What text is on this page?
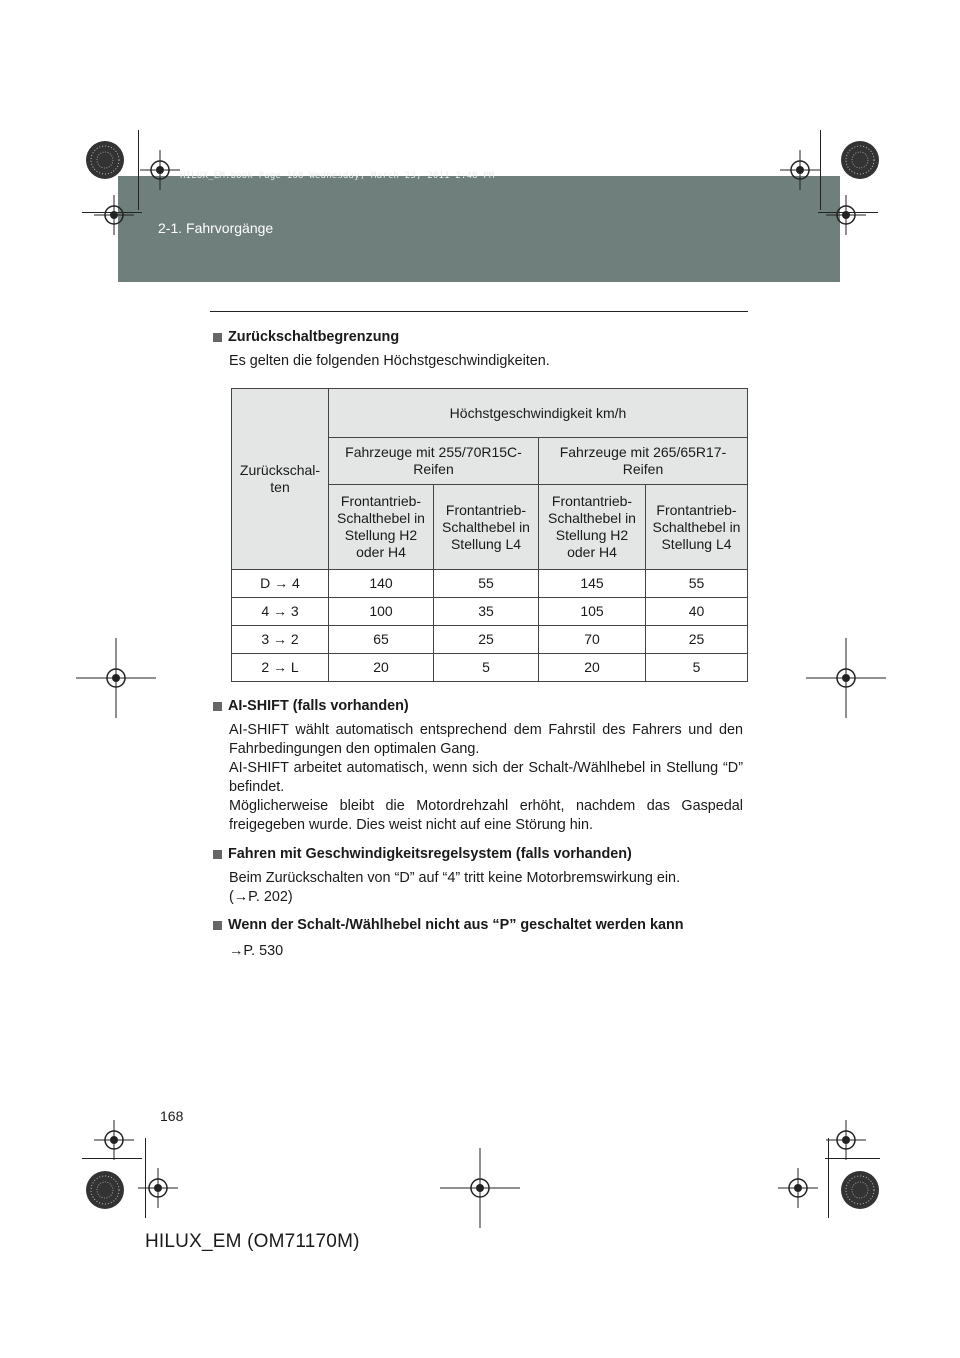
2-1. Fahrvorgänge
HILUX_EM.book Page 168 Wednesday, March 23, 2011 2:48 PM
Zurückschaltbegrenzung
Es gelten die folgenden Höchstgeschwindigkeiten.
Zurückschal-ten	Höchstgeschwindigkeit km/h			
	Fahrzeuge mit 255/70R15C-Reifen		Fahrzeuge mit 265/65R17-Reifen	
	Frontantrieb-Schalthebel in Stellung H2 oder H4	Frontantrieb-Schalthebel in Stellung L4	Frontantrieb-Schalthebel in Stellung H2 oder H4	Frontantrieb-Schalthebel in Stellung L4
D → 4	140	55	145	55
4 → 3	100	35	105	40
3 → 2	65	25	70	25
2 → L	20	5	20	5
AI-SHIFT (falls vorhanden)
AI-SHIFT wählt automatisch entsprechend dem Fahrstil des Fahrers und den Fahrbedingungen den optimalen Gang.
AI-SHIFT arbeitet automatisch, wenn sich der Schalt-/Wählhebel in Stellung “D” befindet.
Möglicherweise bleibt die Motordrehzahl erhöht, nachdem das Gaspedal freigegeben wurde. Dies weist nicht auf eine Störung hin.
Fahren mit Geschwindigkeitsregelsystem (falls vorhanden)
Beim Zurückschalten von “D” auf “4” tritt keine Motorbremswirkung ein.
(→P. 202)
Wenn der Schalt-/Wählhebel nicht aus “P” geschaltet werden kann
→P. 530
168
HILUX_EM (OM71170M)
